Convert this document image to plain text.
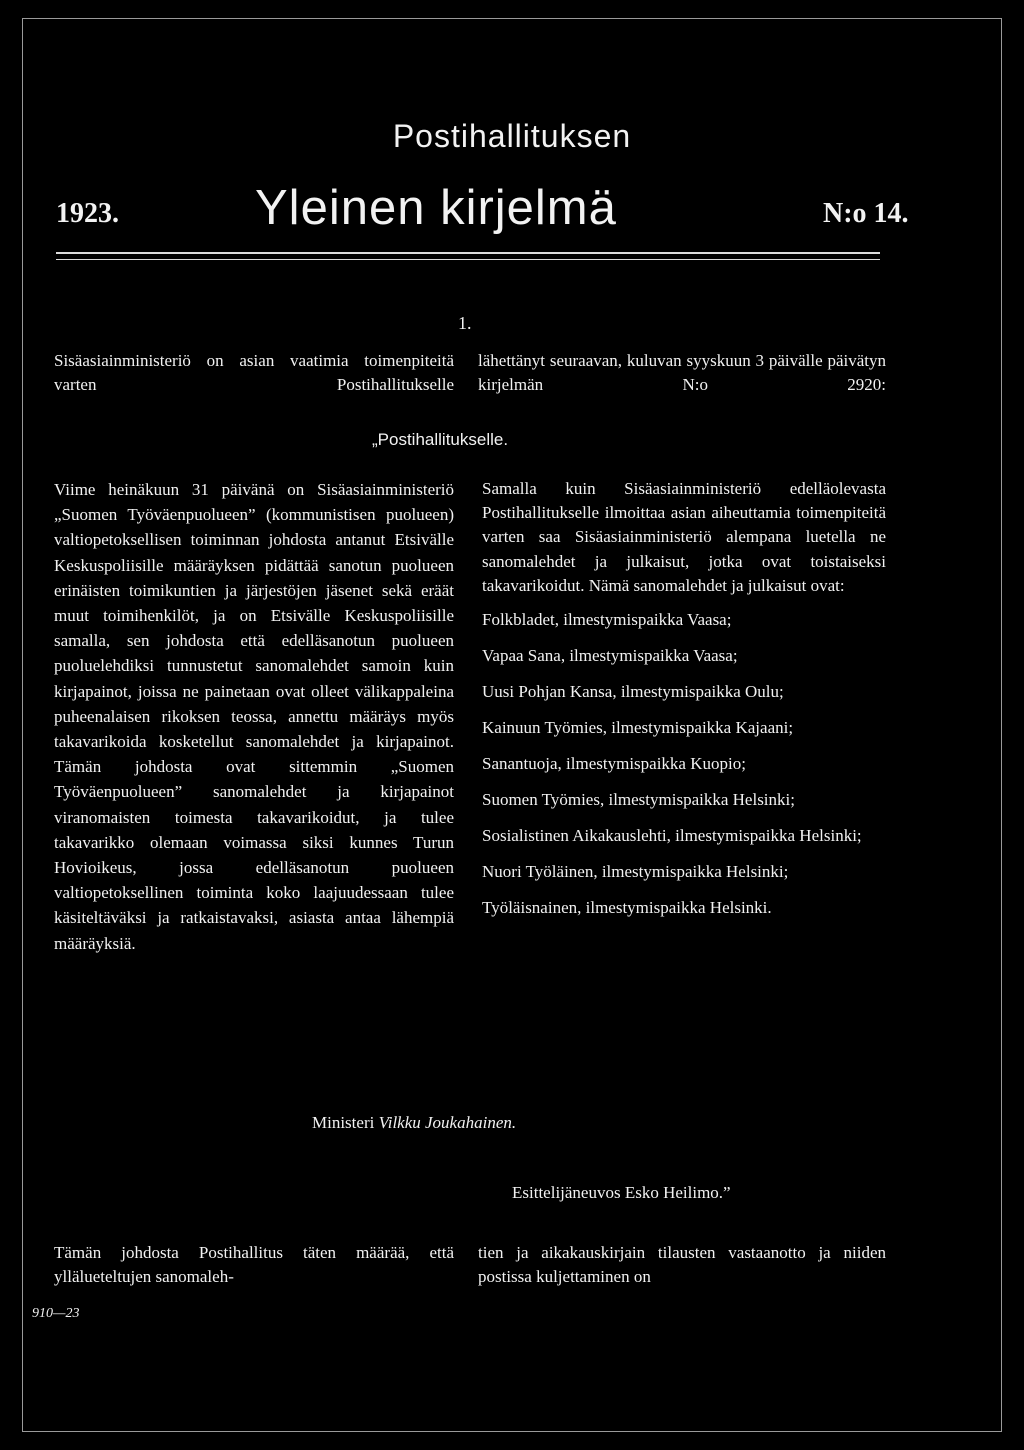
Postihallituksen
1923.	Yleinen kirjelmä	N:o 14.
1.

Sisäasiainministeriö on asian vaatimia toimenpiteitä varten Postihallitukselle

lähettänyt seuraavan, kuluvan syyskuun 3 päivälle päivätyn kirjelmän N:o 2920:

„Postihallitukselle.

Viime heinäkuun 31 päivänä on Sisäasiainministeriö „Suomen Työväenpuolueen” (kommunistisen puolueen) valtiopetoksellisen toiminnan johdosta antanut Etsivälle Keskuspoliisille määräyksen pidättää sanotun puolueen erinäisten toimikuntien ja järjestöjen jäsenet sekä eräät muut toimihenkilöt, ja on Etsivälle Keskuspoliisille samalla, sen johdosta että edelläsanotun puolueen puoluelehdiksi tunnustetut sanomalehdet samoin kuin kirjapainot, joissa ne painetaan ovat olleet välikappaleina puheenalaisen rikoksen teossa, annettu määräys myös takavarikoida kosketellut sanomalehdet ja kirjapainot. Tämän johdosta ovat sittemmin „Suomen Työväenpuolueen” sanomalehdet ja kirjapainot viranomaisten toimesta takavarikoidut, ja tulee takavarikko olemaan voimassa siksi kunnes Turun Hovioikeus, jossa edelläsanotun puolueen valtiopetoksellinen toiminta koko laajuudessaan tulee käsiteltäväksi ja ratkaistavaksi, asiasta antaa lähempiä määräyksiä.

Samalla kuin Sisäasiainministeriö edelläolevasta Postihallitukselle ilmoittaa asian aiheuttamia toimenpiteitä varten saa Sisäasiainministeriö alempana luetella ne sanomalehdet ja julkaisut, jotka ovat toistaiseksi takavarikoidut. Nämä sanomalehdet ja julkaisut ovat:

Folkbladet, ilmestymispaikka Vaasa;

Vapaa Sana, ilmestymispaikka Vaasa;

Uusi Pohjan Kansa, ilmestymispaikka Oulu;

Kainuun Työmies, ilmestymispaikka Kajaani;

Sanantuoja, ilmestymispaikka Kuopio;

Suomen Työmies, ilmestymispaikka Helsinki;

Sosialistinen Aikakauslehti, ilmestymispaikka Helsinki;

Nuori Työläinen, ilmestymispaikka Helsinki;

Työläisnainen, ilmestymispaikka Helsinki.

Ministeri Vilkku Joukahainen.
Esittelijäneuvos Esko Heilimo.”

Tämän johdosta Postihallitus täten määrää, että yllälueteltujen sanomaleh-

tien ja aikakauskirjain tilausten vastaanotto ja niiden postissa kuljettaminen on

910—23
